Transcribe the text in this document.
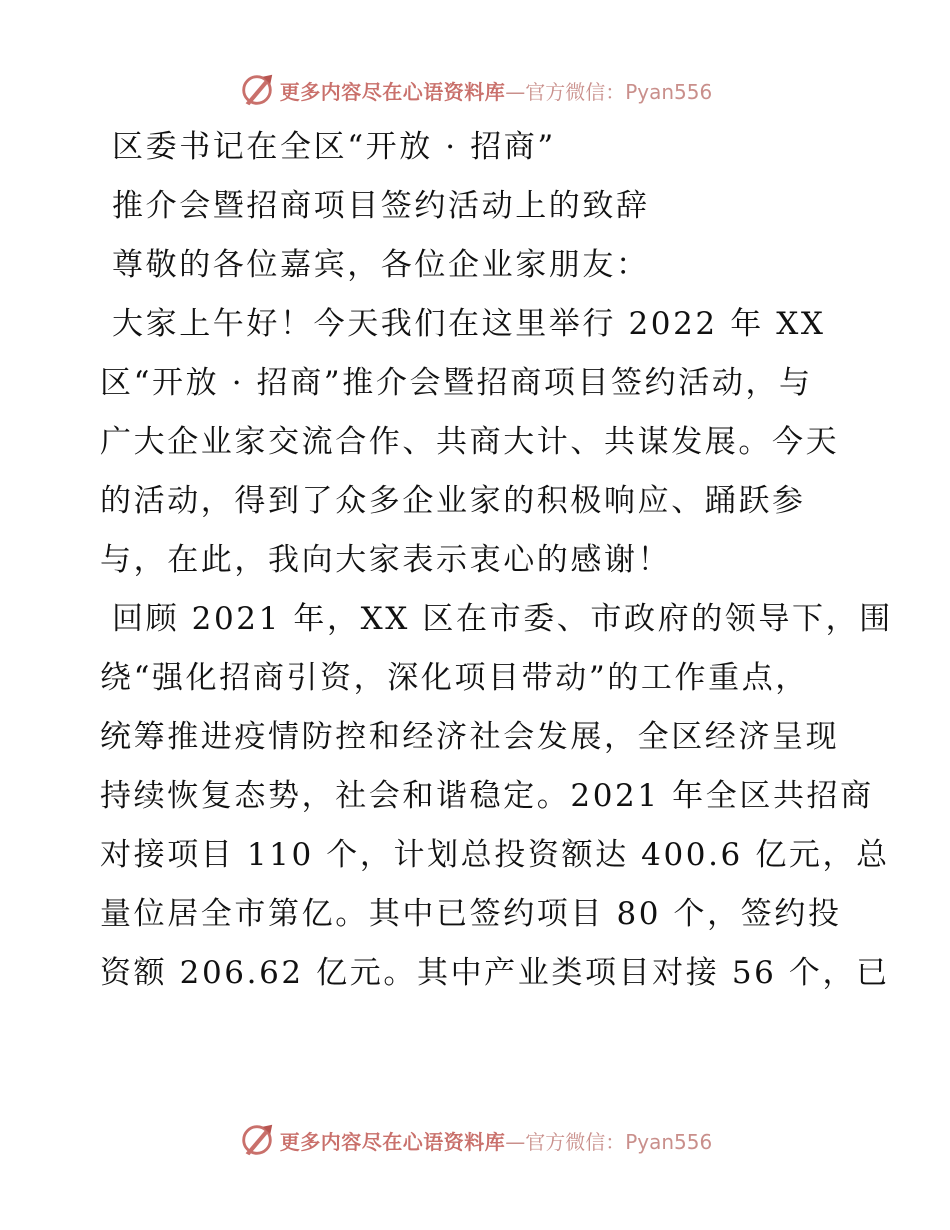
更多内容尽在心语资料库 —官方微信：Pyan556
区委书记在全区“开放 · 招商”
推介会暨招商项目签约活动上的致辞
尊敬的各位嘉宾，各位企业家朋友：
大家上午好！今天我们在这里举行 2022 年 XX
区“开放 · 招商”推介会暨招商项目签约活动，与
广大企业家交流合作、共商大计、共谋发展。今天
的活动，得到了众多企业家的积极响应、踊跃参
与，在此，我向大家表示衷心的感谢！
回顾 2021 年，XX 区在市委、市政府的领导下，围
绕“强化招商引资，深化项目带动”的工作重点，
统筹推进疫情防控和经济社会发展，全区经济呈现
持续恢复态势，社会和谐稳定。2021 年全区共招商
对接项目 110 个，计划总投资额达 400.6 亿元，总
量位居全市第亿。其中已签约项目 80 个，签约投
资额 206.62 亿元。其中产业类项目对接 56 个，已
更多内容尽在心语资料库 —官方微信：Pyan556
